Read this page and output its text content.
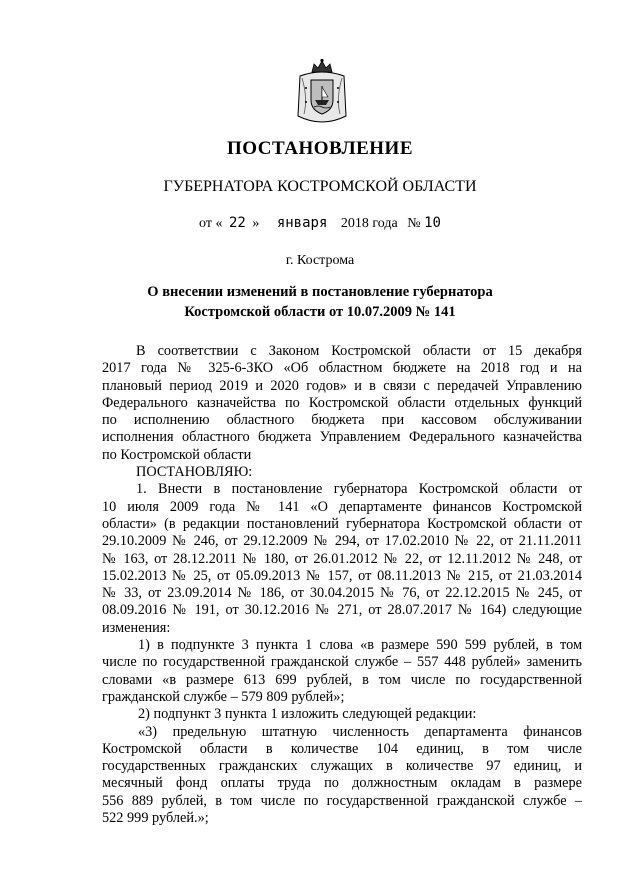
ПОСТАНОВЛЕНИЕ
ГУБЕРНАТОРА КОСТРОМСКОЙ ОБЛАСТИ
от « 22 » января 2018 года № 10
г. Кострома
О внесении изменений в постановление губернатора
Костромской области от 10.07.2009 № 141
В соответствии с Законом Костромской области от 15 декабря
2017 года № 325-6-ЗКО «Об областном бюджете на 2018 год и на
плановый период 2019 и 2020 годов» и в связи с передачей Управлению
Федерального казначейства по Костромской области отдельных функций
по исполнению областного бюджета при кассовом обслуживании
исполнения областного бюджета Управлением Федерального казначейства
по Костромской области
ПОСТАНОВЛЯЮ:
1. Внести в постановление губернатора Костромской области от
10 июля 2009 года № 141 «О департаменте финансов Костромской
области» (в редакции постановлений губернатора Костромской области от
29.10.2009 № 246, от 29.12.2009 № 294, от 17.02.2010 № 22, от 21.11.2011
№ 163, от 28.12.2011 № 180, от 26.01.2012 № 22, от 12.11.2012 № 248, от
15.02.2013 № 25, от 05.09.2013 № 157, от 08.11.2013 № 215, от 21.03.2014
№ 33, от 23.09.2014 № 186, от 30.04.2015 № 76, от 22.12.2015 № 245, от
08.09.2016 № 191, от 30.12.2016 № 271, от 28.07.2017 № 164) следующие
изменения:
1) в подпункте 3 пункта 1 слова «в размере 590 599 рублей, в том
числе по государственной гражданской службе – 557 448 рублей» заменить
словами «в размере 613 699 рублей, в том числе по государственной
гражданской службе – 579 809 рублей»;
2) подпункт 3 пункта 1 изложить следующей редакции:
«3) предельную штатную численность департамента финансов
Костромской области в количестве 104 единиц, в том числе
государственных гражданских служащих в количестве 97 единиц, и
месячный фонд оплаты труда по должностным окладам в размере
556 889 рублей, в том числе по государственной гражданской службе –
522 999 рублей.»;
